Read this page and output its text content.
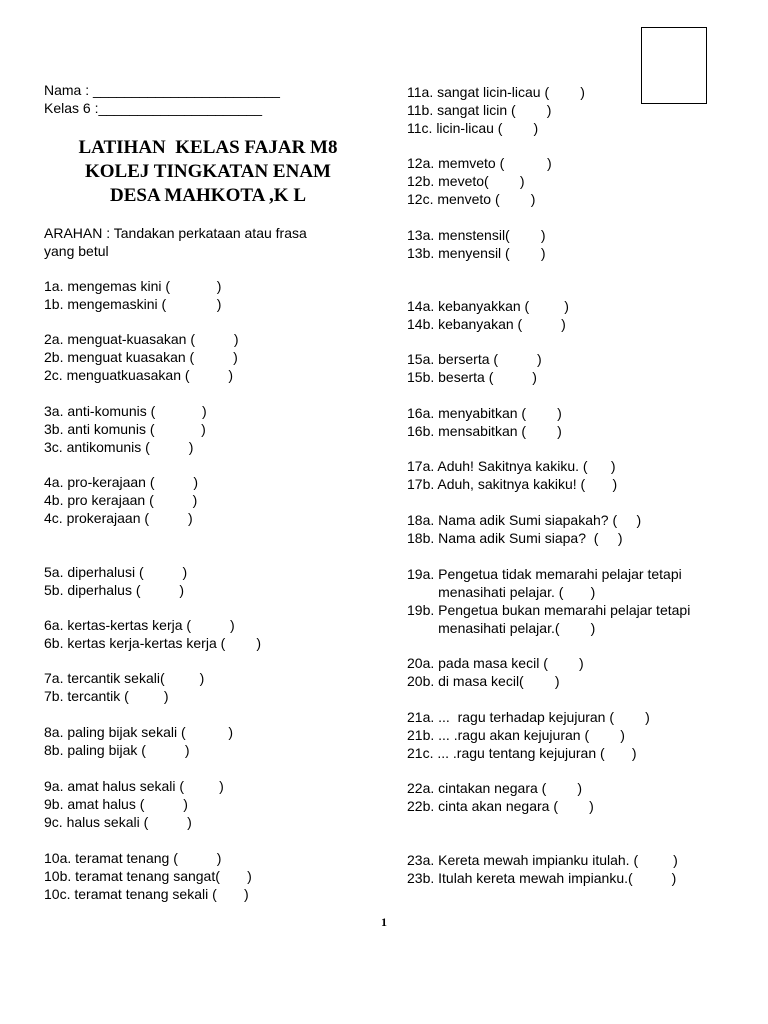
Nama : ________________________
Kelas 6 :_____________________
LATIHAN  KELAS FAJAR M8
KOLEJ TINGKATAN ENAM
DESA MAHKOTA ,K L
ARAHAN : Tandakan perkataan atau frasa
yang betul
1a. mengemas kini (            )
1b. mengemaskini (             )
2a. menguat-kuasakan (          )
2b. menguat kuasakan (          )
2c. menguatkuasakan (          )
3a. anti-komunis (            )
3b. anti komunis (            )
3c. antikomunis (          )
4a. pro-kerajaan (          )
4b. pro kerajaan (          )
4c. prokerajaan (          )
5a. diperhalusi (          )
5b. diperhalus (          )
6a. kertas-kertas kerja (          )
6b. kertas kerja-kertas kerja (        )
7a. tercantik sekali(         )
7b. tercantik (         )
8a. paling bijak sekali (           )
8b. paling bijak (          )
9a. amat halus sekali (         )
9b. amat halus (          )
9c. halus sekali (          )
10a. teramat tenang (          )
10b. teramat tenang sangat(       )
10c. teramat tenang sekali (       )
11a. sangat licin-licau (        )
11b. sangat licin (        )
11c. licin-licau (        )
12a. memveto (           )
12b. meveto(        )
12c. menveto (        )
13a. menstensil(        )
13b. menyensil (        )
14a. kebanyakkan (         )
14b. kebanyakan (          )
15a. berserta (          )
15b. beserta (          )
16a. menyabitkan (        )
16b. mensabitkan (        )
17a. Aduh! Sakitnya kakiku. (      )
17b. Aduh, sakitnya kakiku! (       )
18a. Nama adik Sumi siapakah? (     )
18b. Nama adik Sumi siapa?  (     )
19a. Pengetua tidak memarahi pelajar tetapi
menasihati pelajar. (       )
19b. Pengetua bukan memarahi pelajar tetapi
menasihati pelajar.(        )
20a. pada masa kecil (        )
20b. di masa kecil(        )
21a. ...  ragu terhadap kejujuran (        )
21b. ... .ragu akan kejujuran (        )
21c. ... .ragu tentang kejujuran (       )
22a. cintakan negara (        )
22b. cinta akan negara (        )
23a. Kereta mewah impianku itulah. (         )
23b. Itulah kereta mewah impianku.(          )
1
